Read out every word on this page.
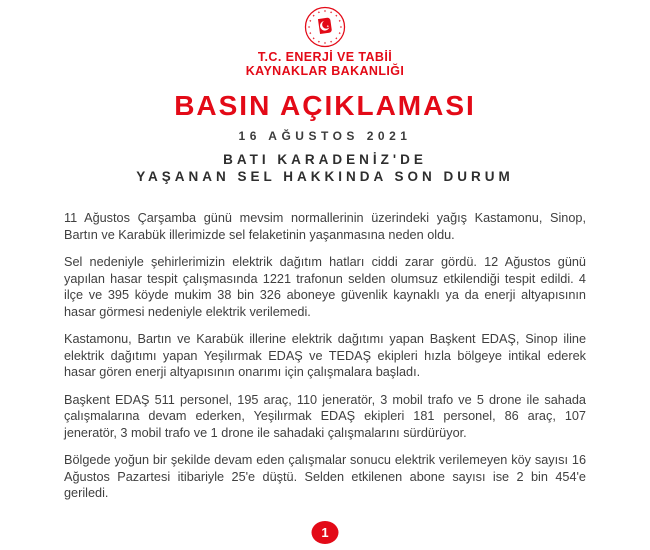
T.C. ENERJİ VE TABİİ
KAYNAKLAR BAKANLIĞI
BASIN AÇIKLAMASI
16 AĞUSTOS 2021
BATI KARADENİZ'DE
YAŞANAN SEL HAKKINDA SON DURUM

11 Ağustos Çarşamba günü mevsim normallerinin üzerindeki yağış Kastamonu, Sinop, Bartın ve Karabük illerimizde sel felaketinin yaşanmasına neden oldu.

Sel nedeniyle şehirlerimizin elektrik dağıtım hatları ciddi zarar gördü. 12 Ağustos günü yapılan hasar tespit çalışmasında 1221 trafonun selden olumsuz etkilendiği tespit edildi. 4 ilçe ve 395 köyde mukim 38 bin 326 aboneye güvenlik kaynaklı ya da enerji altyapısının hasar görmesi nedeniyle elektrik verilemedi.

Kastamonu, Bartın ve Karabük illerine elektrik dağıtımı yapan Başkent EDAŞ, Sinop iline elektrik dağıtımı yapan Yeşilırmak EDAŞ ve TEDAŞ ekipleri hızla bölgeye intikal ederek hasar gören enerji altyapısının onarımı için çalışmalara başladı.

Başkent EDAŞ 511 personel, 195 araç, 110 jeneratör, 3 mobil trafo ve 5 drone ile sahada çalışmalarına devam ederken, Yeşilırmak EDAŞ ekipleri 181 personel, 86 araç, 107 jeneratör, 3 mobil trafo ve 1 drone ile sahadaki çalışmalarını sürdürüyor.

Bölgede yoğun bir şekilde devam eden çalışmalar sonucu elektrik verilemeyen köy sayısı 16 Ağustos Pazartesi itibariyle 25'e düştü. Selden etkilenen abone sayısı ise 2 bin 454'e geriledi.

1
